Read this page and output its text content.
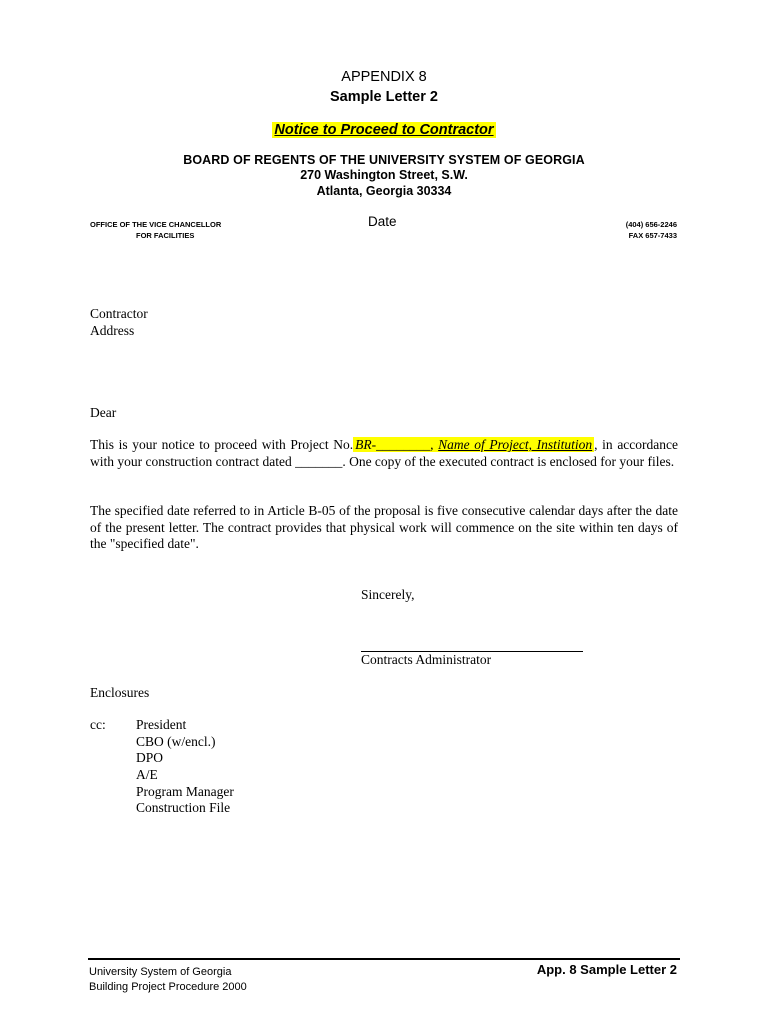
APPENDIX 8
Sample Letter 2
Notice to Proceed to Contractor
BOARD OF REGENTS OF THE UNIVERSITY SYSTEM OF GEORGIA
270 Washington Street, S.W.
Atlanta, Georgia 30334
OFFICE OF THE VICE CHANCELLOR
FOR FACILITIES
Date	(404) 656-2246
FAX 657-7433
Contractor
Address
Dear
This is your notice to proceed with Project No. BR-________, Name of Project, Institution , in accordance with your construction contract dated _______. One copy of the executed contract is enclosed for your files.
The specified date referred to in Article B-05 of the proposal is five consecutive calendar days after the date of the present letter. The contract provides that physical work will commence on the site within ten days of the "specified date".
Sincerely,
Contracts Administrator
Enclosures
cc: President
CBO (w/encl.)
DPO
A/E
Program Manager
Construction File
University System of Georgia
Building Project Procedure 2000
App. 8 Sample Letter 2
